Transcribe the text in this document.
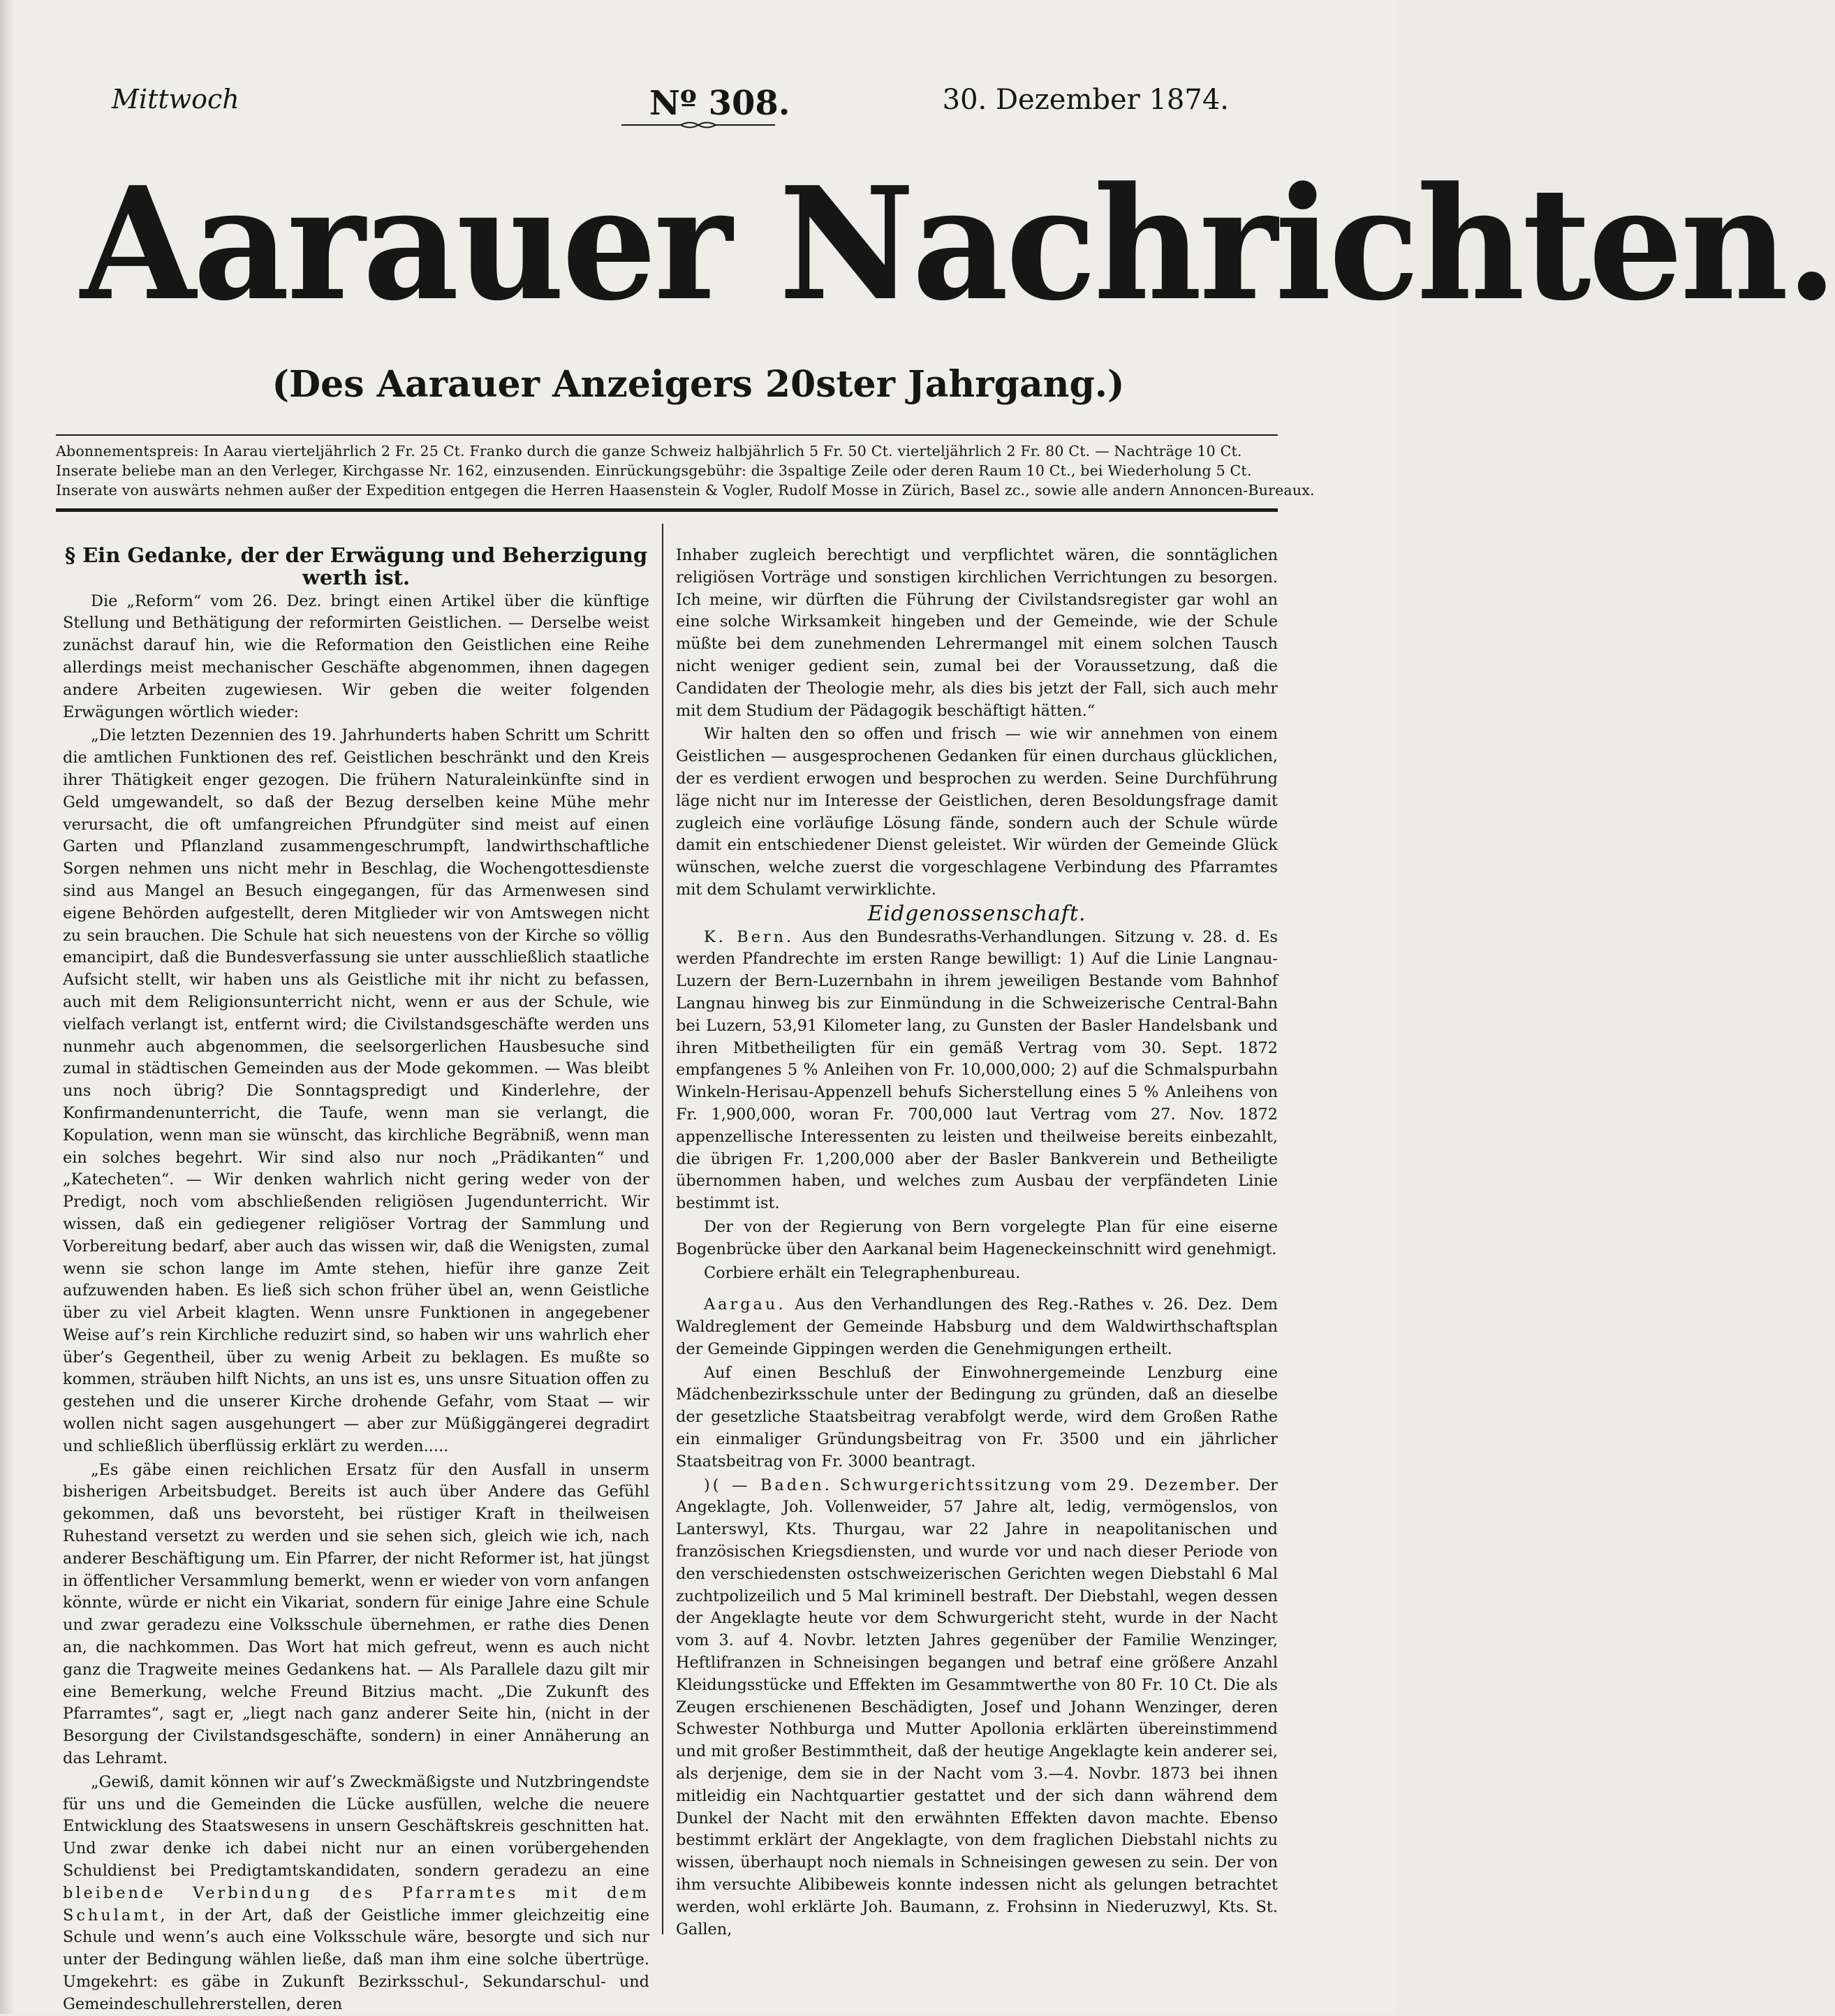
Mittwoch	Nº 308.	30. Dezember 1874.
Aarauer Nachrichten.
(Des Aarauer Anzeigers 20ster Jahrgang.)
Abonnementspreis: In Aarau vierteljährlich 2 Fr. 25 Ct. Franko durch die ganze Schweiz halbjährlich 5 Fr. 50 Ct. vierteljährlich 2 Fr. 80 Ct. — Nachträge 10 Ct.
Inserate beliebe man an den Verleger, Kirchgasse Nr. 162, einzusenden. Einrückungsgebühr: die 3spaltige Zeile oder deren Raum 10 Ct., bei Wiederholung 5 Ct.
Inserate von auswärts nehmen außer der Expedition entgegen die Herren Haasenstein & Vogler, Rudolf Mosse in Zürich, Basel zc., sowie alle andern Annoncen-Bureaux.

§ Ein Gedanke, der der Erwägung und Beherzigung werth ist.

Die „Reform“ vom 26. Dez. bringt einen Artikel über die künftige Stellung und Bethätigung der reformirten Geistlichen. — Derselbe weist zunächst darauf hin, wie die Reformation den Geistlichen eine Reihe allerdings meist mechanischer Geschäfte abgenommen, ihnen dagegen andere Arbeiten zugewiesen. Wir geben die weiter folgenden Erwägungen wörtlich wieder:

„Die letzten Dezennien des 19. Jahrhunderts haben Schritt um Schritt die amtlichen Funktionen des ref. Geistlichen beschränkt und den Kreis ihrer Thätigkeit enger gezogen. Die frühern Naturaleinkünfte sind in Geld umgewandelt, so daß der Bezug derselben keine Mühe mehr verursacht, die oft umfangreichen Pfrundgüter sind meist auf einen Garten und Pflanzland zusammengeschrumpft, landwirthschaftliche Sorgen nehmen uns nicht mehr in Beschlag, die Wochengottesdienste sind aus Mangel an Besuch eingegangen, für das Armenwesen sind eigene Behörden aufgestellt, deren Mitglieder wir von Amtswegen nicht zu sein brauchen. Die Schule hat sich neuestens von der Kirche so völlig emancipirt, daß die Bundesverfassung sie unter ausschließlich staatliche Aufsicht stellt, wir haben uns als Geistliche mit ihr nicht zu befassen, auch mit dem Religionsunterricht nicht, wenn er aus der Schule, wie vielfach verlangt ist, entfernt wird; die Civilstandsgeschäfte werden uns nunmehr auch abgenommen, die seelsorgerlichen Hausbesuche sind zumal in städtischen Gemeinden aus der Mode gekommen. — Was bleibt uns noch übrig? Die Sonntagspredigt und Kinderlehre, der Konfirmandenunterricht, die Taufe, wenn man sie verlangt, die Kopulation, wenn man sie wünscht, das kirchliche Begräbniß, wenn man ein solches begehrt. Wir sind also nur noch „Prädikanten“ und „Katecheten“. — Wir denken wahrlich nicht gering weder von der Predigt, noch vom abschließenden religiösen Jugendunterricht. Wir wissen, daß ein gediegener religiöser Vortrag der Sammlung und Vorbereitung bedarf, aber auch das wissen wir, daß die Wenigsten, zumal wenn sie schon lange im Amte stehen, hiefür ihre ganze Zeit aufzuwenden haben. Es ließ sich schon früher übel an, wenn Geistliche über zu viel Arbeit klagten. Wenn unsre Funktionen in angegebener Weise auf’s rein Kirchliche reduzirt sind, so haben wir uns wahrlich eher über’s Gegentheil, über zu wenig Arbeit zu beklagen. Es mußte so kommen, sträuben hilft Nichts, an uns ist es, uns unsre Situation offen zu gestehen und die unserer Kirche drohende Gefahr, vom Staat — wir wollen nicht sagen ausgehungert — aber zur Müßiggängerei degradirt und schließlich überflüssig erklärt zu werden.....

„Es gäbe einen reichlichen Ersatz für den Ausfall in unserm bisherigen Arbeitsbudget. Bereits ist auch über Andere das Gefühl gekommen, daß uns bevorsteht, bei rüstiger Kraft in theilweisen Ruhestand versetzt zu werden und sie sehen sich, gleich wie ich, nach anderer Beschäftigung um. Ein Pfarrer, der nicht Reformer ist, hat jüngst in öffentlicher Versammlung bemerkt, wenn er wieder von vorn anfangen könnte, würde er nicht ein Vikariat, sondern für einige Jahre eine Schule und zwar geradezu eine Volksschule übernehmen, er rathe dies Denen an, die nachkommen. Das Wort hat mich gefreut, wenn es auch nicht ganz die Tragweite meines Gedankens hat. — Als Parallele dazu gilt mir eine Bemerkung, welche Freund Bitzius macht. „Die Zukunft des Pfarramtes“, sagt er, „liegt nach ganz anderer Seite hin, (nicht in der Besorgung der Civilstandsgeschäfte, sondern) in einer Annäherung an das Lehramt.

„Gewiß, damit können wir auf’s Zweckmäßigste und Nutzbringendste für uns und die Gemeinden die Lücke ausfüllen, welche die neuere Entwicklung des Staatswesens in unsern Geschäftskreis geschnitten hat. Und zwar denke ich dabei nicht nur an einen vorübergehenden Schuldienst bei Predigtamtskandidaten, sondern geradezu an eine bleibende Verbindung des Pfarramtes mit dem Schulamt, in der Art, daß der Geistliche immer gleichzeitig eine Schule und wenn’s auch eine Volksschule wäre, besorgte und sich nur unter der Bedingung wählen ließe, daß man ihm eine solche übertrüge. Umgekehrt: es gäbe in Zukunft Bezirksschul-, Sekundarschul- und Gemeindeschullehrerstellen, deren

Inhaber zugleich berechtigt und verpflichtet wären, die sonntäglichen religiösen Vorträge und sonstigen kirchlichen Verrichtungen zu besorgen. Ich meine, wir dürften die Führung der Civilstandsregister gar wohl an eine solche Wirksamkeit hingeben und der Gemeinde, wie der Schule müßte bei dem zunehmenden Lehrermangel mit einem solchen Tausch nicht weniger gedient sein, zumal bei der Voraussetzung, daß die Candidaten der Theologie mehr, als dies bis jetzt der Fall, sich auch mehr mit dem Studium der Pädagogik beschäftigt hätten.“

Wir halten den so offen und frisch — wie wir annehmen von einem Geistlichen — ausgesprochenen Gedanken für einen durchaus glücklichen, der es verdient erwogen und besprochen zu werden. Seine Durchführung läge nicht nur im Interesse der Geistlichen, deren Besoldungsfrage damit zugleich eine vorläufige Lösung fände, sondern auch der Schule würde damit ein entschiedener Dienst geleistet. Wir würden der Gemeinde Glück wünschen, welche zuerst die vorgeschlagene Verbindung des Pfarramtes mit dem Schulamt verwirklichte.

Eidgenossenschaft.

K. Bern. Aus den Bundesraths-Verhandlungen. Sitzung v. 28. d. Es werden Pfandrechte im ersten Range bewilligt: 1) Auf die Linie Langnau-Luzern der Bern-Luzernbahn in ihrem jeweiligen Bestande vom Bahnhof Langnau hinweg bis zur Einmündung in die Schweizerische Central-Bahn bei Luzern, 53,91 Kilometer lang, zu Gunsten der Basler Handelsbank und ihren Mitbetheiligten für ein gemäß Vertrag vom 30. Sept. 1872 empfangenes 5 % Anleihen von Fr. 10,000,000; 2) auf die Schmalspurbahn Winkeln-Herisau-Appenzell behufs Sicherstellung eines 5 % Anleihens von Fr. 1,900,000, woran Fr. 700,000 laut Vertrag vom 27. Nov. 1872 appenzellische Interessenten zu leisten und theilweise bereits einbezahlt, die übrigen Fr. 1,200,000 aber der Basler Bankverein und Betheiligte übernommen haben, und welches zum Ausbau der verpfändeten Linie bestimmt ist.

Der von der Regierung von Bern vorgelegte Plan für eine eiserne Bogenbrücke über den Aarkanal beim Hageneckeinschnitt wird genehmigt.

Corbiere erhält ein Telegraphenbureau.

Aargau. Aus den Verhandlungen des Reg.-Rathes v. 26. Dez. Dem Waldreglement der Gemeinde Habsburg und dem Waldwirthschaftsplan der Gemeinde Gippingen werden die Genehmigungen ertheilt.

Auf einen Beschluß der Einwohnergemeinde Lenzburg eine Mädchenbezirksschule unter der Bedingung zu gründen, daß an dieselbe der gesetzliche Staatsbeitrag verabfolgt werde, wird dem Großen Rathe ein einmaliger Gründungsbeitrag von Fr. 3500 und ein jährlicher Staatsbeitrag von Fr. 3000 beantragt.

)( — Baden. Schwurgerichtssitzung vom 29. Dezember. Der Angeklagte, Joh. Vollenweider, 57 Jahre alt, ledig, vermögenslos, von Lanterswyl, Kts. Thurgau, war 22 Jahre in neapolitanischen und französischen Kriegsdiensten, und wurde vor und nach dieser Periode von den verschiedensten ostschweizerischen Gerichten wegen Diebstahl 6 Mal zuchtpolizeilich und 5 Mal kriminell bestraft. Der Diebstahl, wegen dessen der Angeklagte heute vor dem Schwurgericht steht, wurde in der Nacht vom 3. auf 4. Novbr. letzten Jahres gegenüber der Familie Wenzinger, Heftlifranzen in Schneisingen begangen und betraf eine größere Anzahl Kleidungsstücke und Effekten im Gesammtwerthe von 80 Fr. 10 Ct. Die als Zeugen erschienenen Beschädigten, Josef und Johann Wenzinger, deren Schwester Nothburga und Mutter Apollonia erklärten übereinstimmend und mit großer Bestimmtheit, daß der heutige Angeklagte kein anderer sei, als derjenige, dem sie in der Nacht vom 3.—4. Novbr. 1873 bei ihnen mitleidig ein Nachtquartier gestattet und der sich dann während dem Dunkel der Nacht mit den erwähnten Effekten davon machte. Ebenso bestimmt erklärt der Angeklagte, von dem fraglichen Diebstahl nichts zu wissen, überhaupt noch niemals in Schneisingen gewesen zu sein. Der von ihm versuchte Alibibeweis konnte indessen nicht als gelungen betrachtet werden, wohl erklärte Joh. Baumann, z. Frohsinn in Niederuzwyl, Kts. St. Gallen,
